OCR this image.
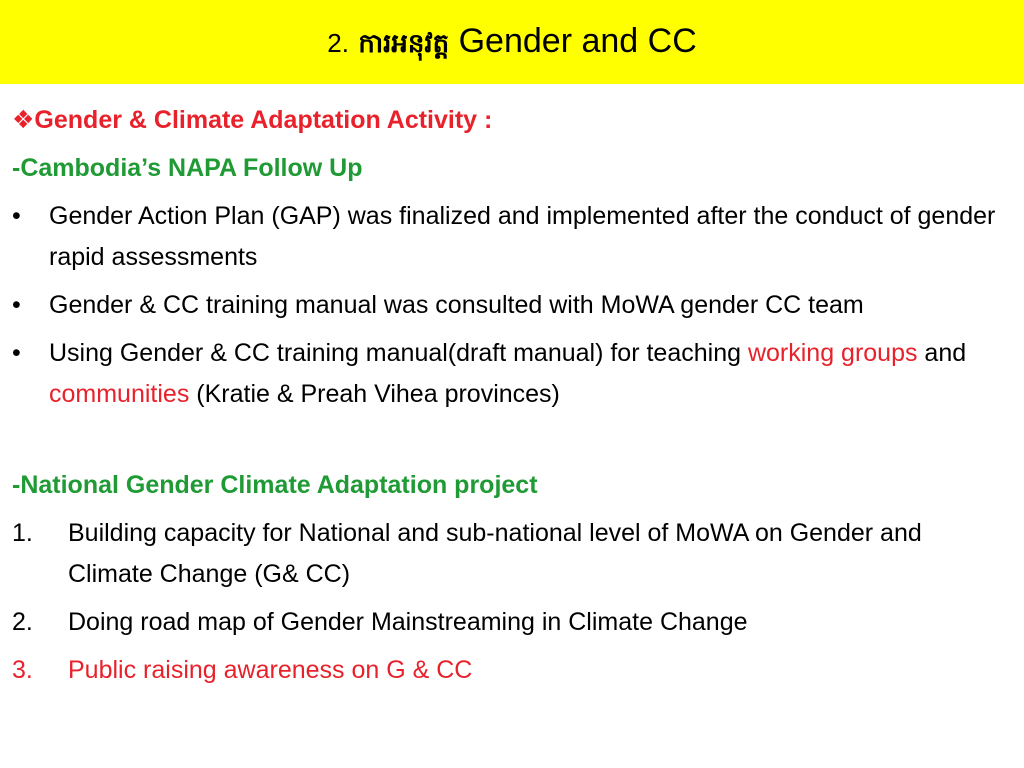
2. ការអនុវត្ត Gender and CC
❖Gender & Climate Adaptation Activity :
-Cambodia’s NAPA Follow Up
•	Gender Action Plan (GAP) was finalized and implemented after the conduct of gender rapid assessments
•	Gender & CC training manual was consulted with MoWA gender CC team
•	Using Gender & CC training manual(draft manual) for teaching working groups and communities (Kratie & Preah Vihea provinces)
-National Gender Climate Adaptation project
1.	Building capacity for National and sub-national level of MoWA on Gender and Climate Change (G& CC)
2.	Doing road map of Gender Mainstreaming in Climate Change
3.	Public raising awareness on G & CC
